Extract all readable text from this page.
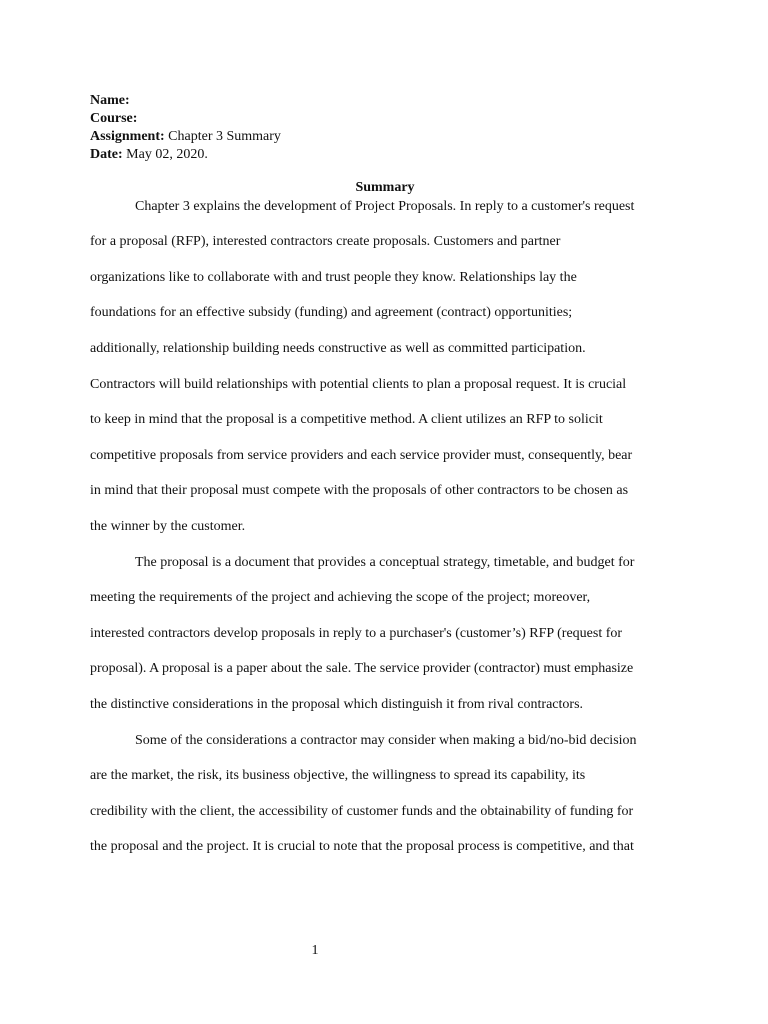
Name:
Course:
Assignment: Chapter 3 Summary
Date: May 02, 2020.
Summary

Chapter 3 explains the development of Project Proposals. In reply to a customer's request
for a proposal (RFP), interested contractors create proposals. Customers and partner
organizations like to collaborate with and trust people they know. Relationships lay the
foundations for an effective subsidy (funding) and agreement (contract) opportunities;
additionally, relationship building needs constructive as well as committed participation.
Contractors will build relationships with potential clients to plan a proposal request. It is crucial
to keep in mind that the proposal is a competitive method. A client utilizes an RFP to solicit
competitive proposals from service providers and each service provider must, consequently, bear
in mind that their proposal must compete with the proposals of other contractors to be chosen as
the winner by the customer.

The proposal is a document that provides a conceptual strategy, timetable, and budget for
meeting the requirements of the project and achieving the scope of the project; moreover,
interested contractors develop proposals in reply to a purchaser's (customer’s) RFP (request for
proposal). A proposal is a paper about the sale. The service provider (contractor) must emphasize
the distinctive considerations in the proposal which distinguish it from rival contractors.

Some of the considerations a contractor may consider when making a bid/no-bid decision
are the market, the risk, its business objective, the willingness to spread its capability, its
credibility with the client, the accessibility of customer funds and the obtainability of funding for
the proposal and the project. It is crucial to note that the proposal process is competitive, and that

1
